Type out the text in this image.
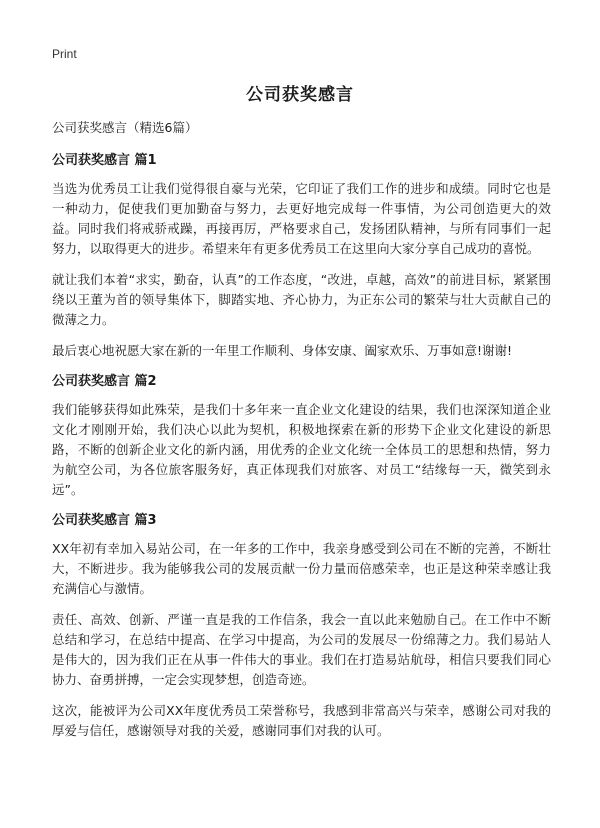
Print
公司获奖感言
公司获奖感言（精选6篇）
公司获奖感言 篇1

当选为优秀员工让我们觉得很自豪与光荣，它印证了我们工作的进步和成绩。同时它也是一种动力，促使我们更加勤奋与努力，去更好地完成每一件事情，为公司创造更大的效益。同时我们将戒骄戒躁，再接再厉，严格要求自己，发扬团队精神，与所有同事们一起努力，以取得更大的进步。希望来年有更多优秀员工在这里向大家分享自己成功的喜悦。

就让我们本着“求实，勤奋，认真”的工作态度，“改进，卓越，高效”的前进目标，紧紧围绕以王董为首的领导集体下，脚踏实地、齐心协力，为正东公司的繁荣与壮大贡献自己的微薄之力。

最后衷心地祝愿大家在新的一年里工作顺利、身体安康、阖家欢乐、万事如意!谢谢!

公司获奖感言 篇2

我们能够获得如此殊荣，是我们十多年来一直企业文化建设的结果，我们也深深知道企业文化才刚刚开始，我们决心以此为契机，积极地探索在新的形势下企业文化建设的新思路，不断的创新企业文化的新内涵，用优秀的企业文化统一全体员工的思想和热情，努力为航空公司，为各位旅客服务好，真正体现我们对旅客、对员工“结缘每一天，微笑到永远”。

公司获奖感言 篇3

XX年初有幸加入易站公司，在一年多的工作中，我亲身感受到公司在不断的完善，不断壮大，不断进步。我为能够我公司的发展贡献一份力量而倍感荣幸，也正是这种荣幸感让我充满信心与激情。

责任、高效、创新、严谨一直是我的工作信条，我会一直以此来勉励自己。在工作中不断总结和学习，在总结中提高、在学习中提高，为公司的发展尽一份绵薄之力。我们易站人是伟大的，因为我们正在从事一件伟大的事业。我们在打造易站航母，相信只要我们同心协力、奋勇拼搏，一定会实现梦想，创造奇迹。

这次，能被评为公司XX年度优秀员工荣誉称号，我感到非常高兴与荣幸，感谢公司对我的厚爱与信任，感谢领导对我的关爱，感谢同事们对我的认可。
